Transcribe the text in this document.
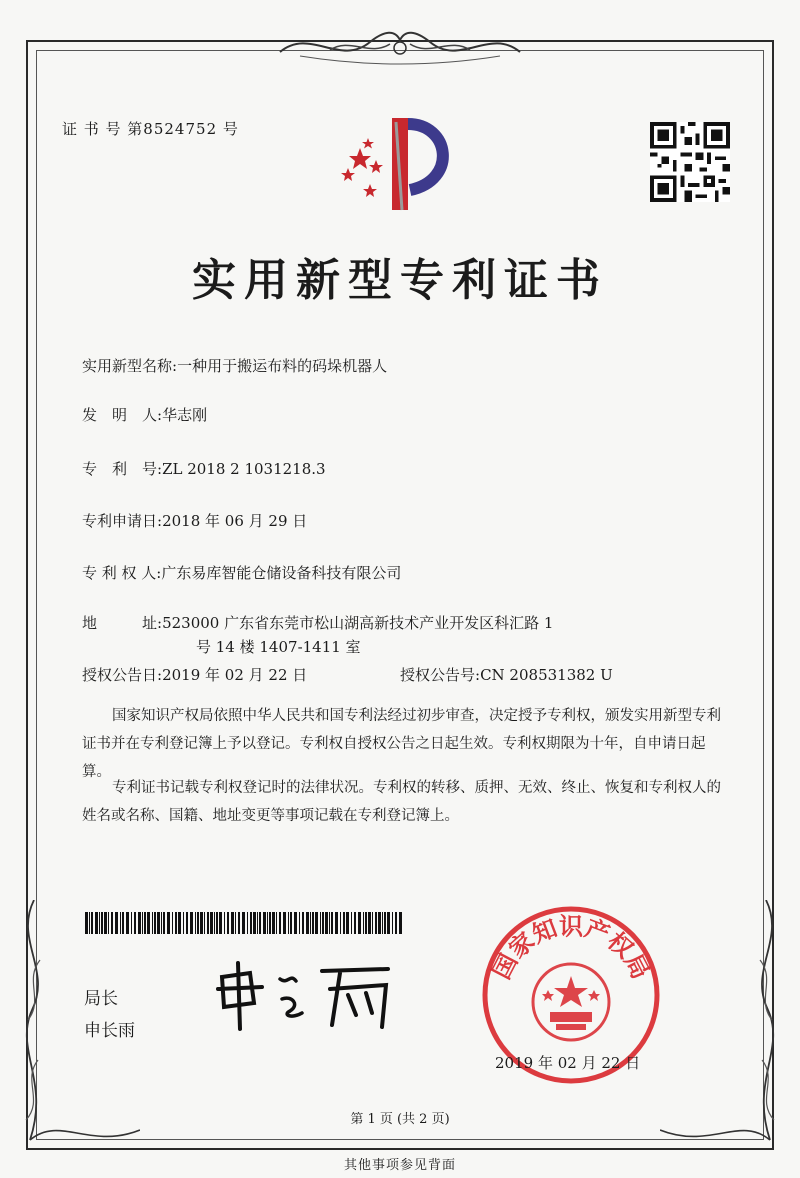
证 书 号 第8524752 号
实用新型专利证书
实用新型名称:一种用于搬运布料的码垛机器人
发　明　人:华志刚
专　利　号:ZL 2018 2 1031218.3
专利申请日:2018 年 06 月 29 日
专 利 权 人:广东易库智能仓储设备科技有限公司
地　　　址:523000 广东省东莞市松山湖高新技术产业开发区科汇路 1
号 14 楼 1407-1411 室
授权公告日:2019 年 02 月 22 日	授权公告号:CN 208531382 U
国家知识产权局依照中华人民共和国专利法经过初步审查，决定授予专利权，颁发实用新型专利证书并在专利登记簿上予以登记。专利权自授权公告之日起生效。专利权期限为十年，自申请日起算。
专利证书记载专利权登记时的法律状况。专利权的转移、质押、无效、终止、恢复和专利权人的姓名或名称、国籍、地址变更等事项记载在专利登记簿上。
局长
申长雨
国家知识产权局
2019 年 02 月 22 日
第 1 页 (共 2 页)
其他事项参见背面
